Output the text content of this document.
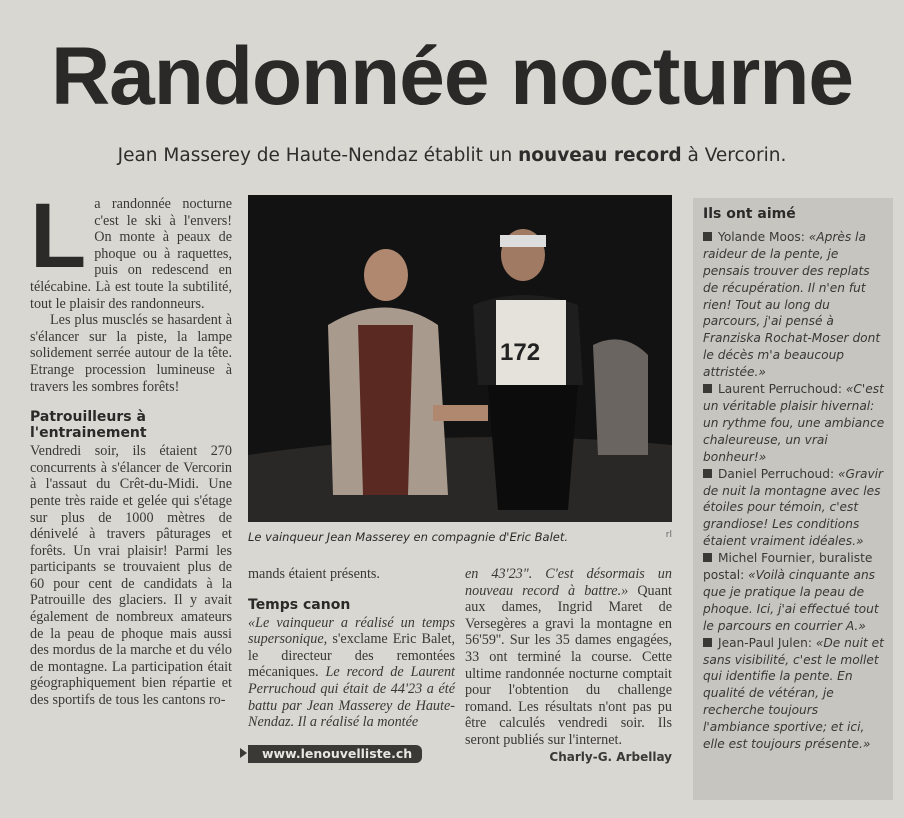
Randonnée nocturne
Jean Masserey de Haute-Nendaz établit un nouveau record à Vercorin.
L a randonnée nocturne c'est le ski à l'envers! On monte à peaux de phoque ou à raquettes, puis on redescend en télécabine. Là est toute la subtilité, tout le plaisir des randonneurs.

Les plus musclés se hasardent à s'élancer sur la piste, la lampe solidement serrée autour de la tête. Etrange procession lumineuse à travers les sombres forêts!

Patrouilleurs à l'entrainement

Vendredi soir, ils étaient 270 concurrents à s'élancer de Vercorin à l'assaut du Crêt-du-Midi. Une pente très raide et gelée qui s'étage sur plus de 1000 mètres de dénivelé à travers pâturages et forêts. Un vrai plaisir! Parmi les participants se trouvaient plus de 60 pour cent de candidats à la Patrouille des glaciers. Il y avait également de nombreux amateurs de la peau de phoque mais aussi des mordus de la marche et du vélo de montagne. La participation était géographiquement bien répartie et des sportifs de tous les cantons ro-

172
Le vainqueur Jean Masserey en compagnie d'Eric Balet.	rl

mands étaient présents.

Temps canon

«Le vainqueur a réalisé un temps supersonique, s'exclame Eric Balet, le directeur des remontées mécaniques. Le record de Laurent Perruchoud qui était de 44'23 a été battu par Jean Masserey de Haute-Nendaz. Il a réalisé la montée

www.lenouvelliste.ch

en 43'23". C'est désormais un nouveau record à battre.» Quant aux dames, Ingrid Maret de Versegères a gravi la montagne en 56'59''. Sur les 35 dames engagées, 33 ont terminé la course. Cette ultime randonnée nocturne comptait pour l'obtention du challenge romand. Les résultats n'ont pas pu être calculés vendredi soir. Ils seront publiés sur l'internet.
Charly-G. Arbellay

Ils ont aimé

Yolande Moos: «Après la raideur de la pente, je pensais trouver des replats de récupération. Il n'en fut rien! Tout au long du parcours, j'ai pensé à Franziska Rochat-Moser dont le décès m'a beaucoup attristée.»

Laurent Perruchoud: «C'est un véritable plaisir hivernal: un rythme fou, une ambiance chaleureuse, un vrai bonheur!»

Daniel Perruchoud: «Gravir de nuit la montagne avec les étoiles pour témoin, c'est grandiose! Les conditions étaient vraiment idéales.»

Michel Fournier, buraliste postal: «Voilà cinquante ans que je pratique la peau de phoque. Ici, j'ai effectué tout le parcours en courrier A.»

Jean-Paul Julen: «De nuit et sans visibilité, c'est le mollet qui identifie la pente. En qualité de vétéran, je recherche toujours l'ambiance sportive; et ici, elle est toujours présente.»
